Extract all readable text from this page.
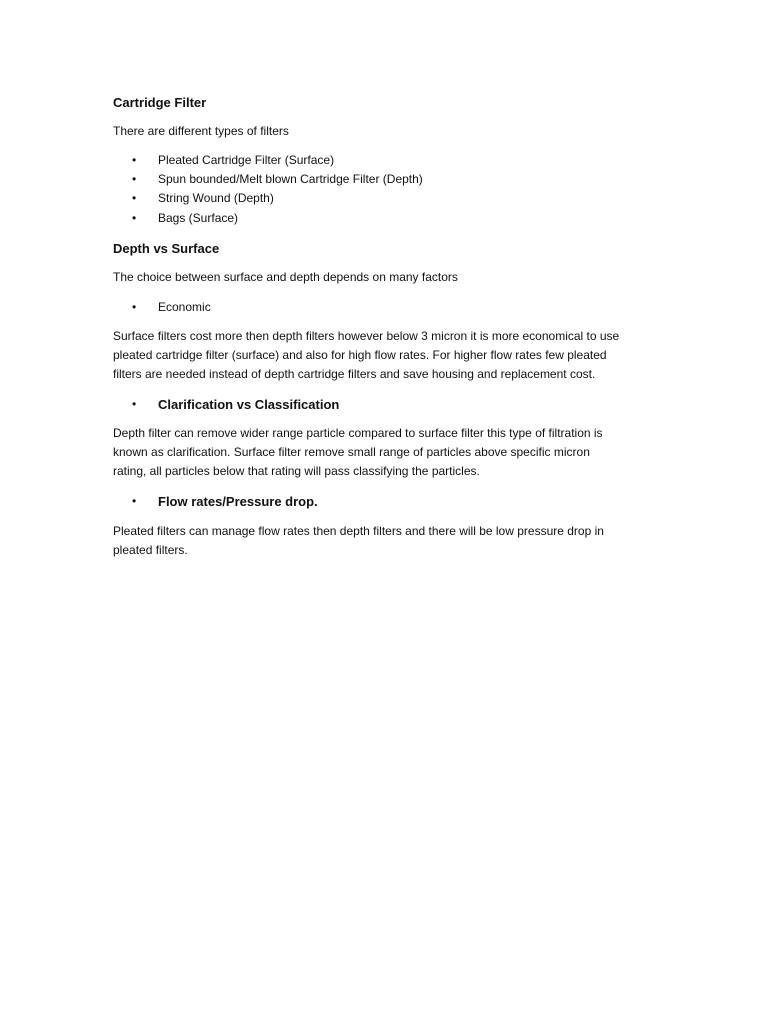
Cartridge Filter
There are different types of filters
• Pleated Cartridge Filter (Surface)
• Spun bounded/Melt blown Cartridge Filter (Depth)
• String Wound (Depth)
• Bags (Surface)
Depth vs Surface
The choice between surface and depth depends on many factors
• Economic
Surface filters cost more then depth filters however below 3 micron it is more economical to use
pleated cartridge filter (surface) and also for high flow rates. For higher flow rates few pleated
filters are needed instead of depth cartridge filters and save housing and replacement cost.
• Clarification vs Classification
Depth filter can remove wider range particle compared to surface filter this type of filtration is
known as clarification. Surface filter remove small range of particles above specific micron
rating, all particles below that rating will pass classifying the particles.
• Flow rates/Pressure drop.
Pleated filters can manage flow rates then depth filters and there will be low pressure drop in
pleated filters.
